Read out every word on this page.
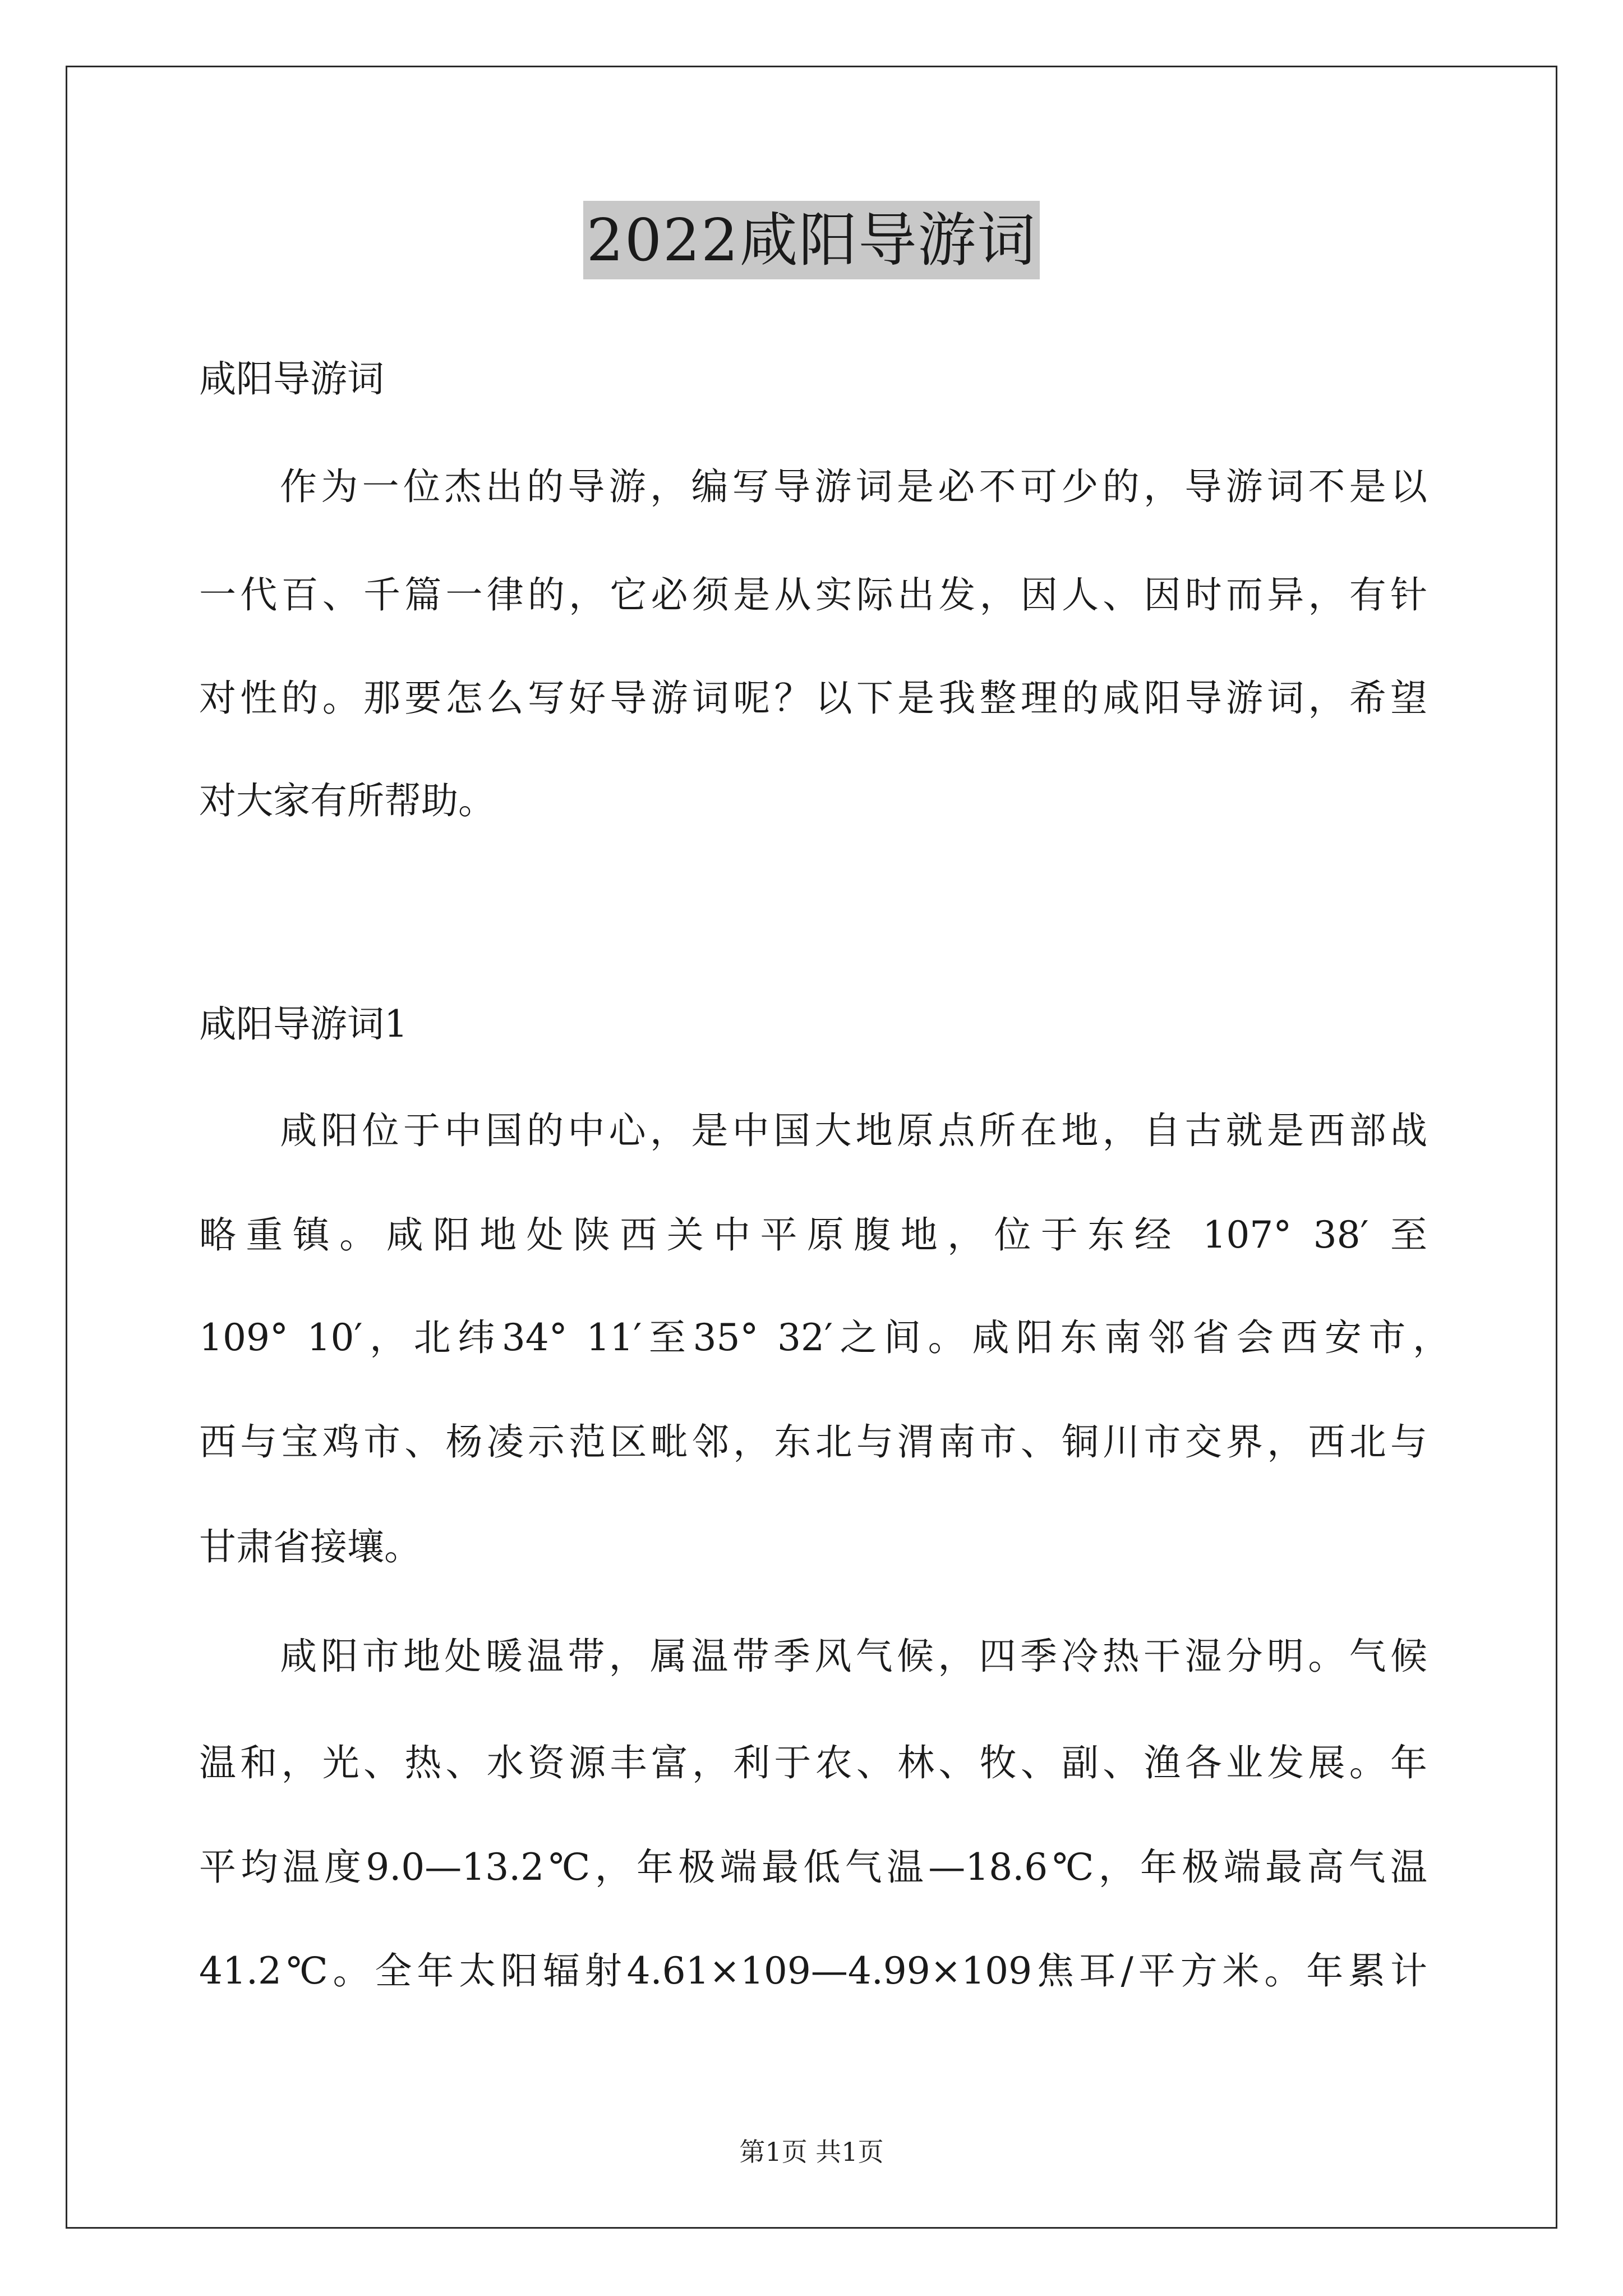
2022咸阳导游词
咸阳导游词
作为一位杰出的导游，编写导游词是必不可少的，导游词不是以
一代百、千篇一律的，它必须是从实际出发，因人、因时而异，有针
对性的。那要怎么写好导游词呢？以下是我整理的咸阳导游词，希望
对大家有所帮助。
咸阳导游词1
咸阳位于中国的中心，是中国大地原点所在地，自古就是西部战
略重镇。咸阳地处陕西关中平原腹地，位于东经 107° 38′ 至
109° 10′，北纬34° 11′至35° 32′之间。咸阳东南邻省会西安市，
西与宝鸡市、杨凌示范区毗邻，东北与渭南市、铜川市交界，西北与
甘肃省接壤。
咸阳市地处暖温带，属温带季风气候，四季冷热干湿分明。气候
温和，光、热、水资源丰富，利于农、林、牧、副、渔各业发展。年
平均温度9.0—13.2℃，年极端最低气温—18.6℃，年极端最高气温
41.2℃。全年太阳辐射4.61×109—4.99×109焦耳/平方米。年累计
第1页 共1页
